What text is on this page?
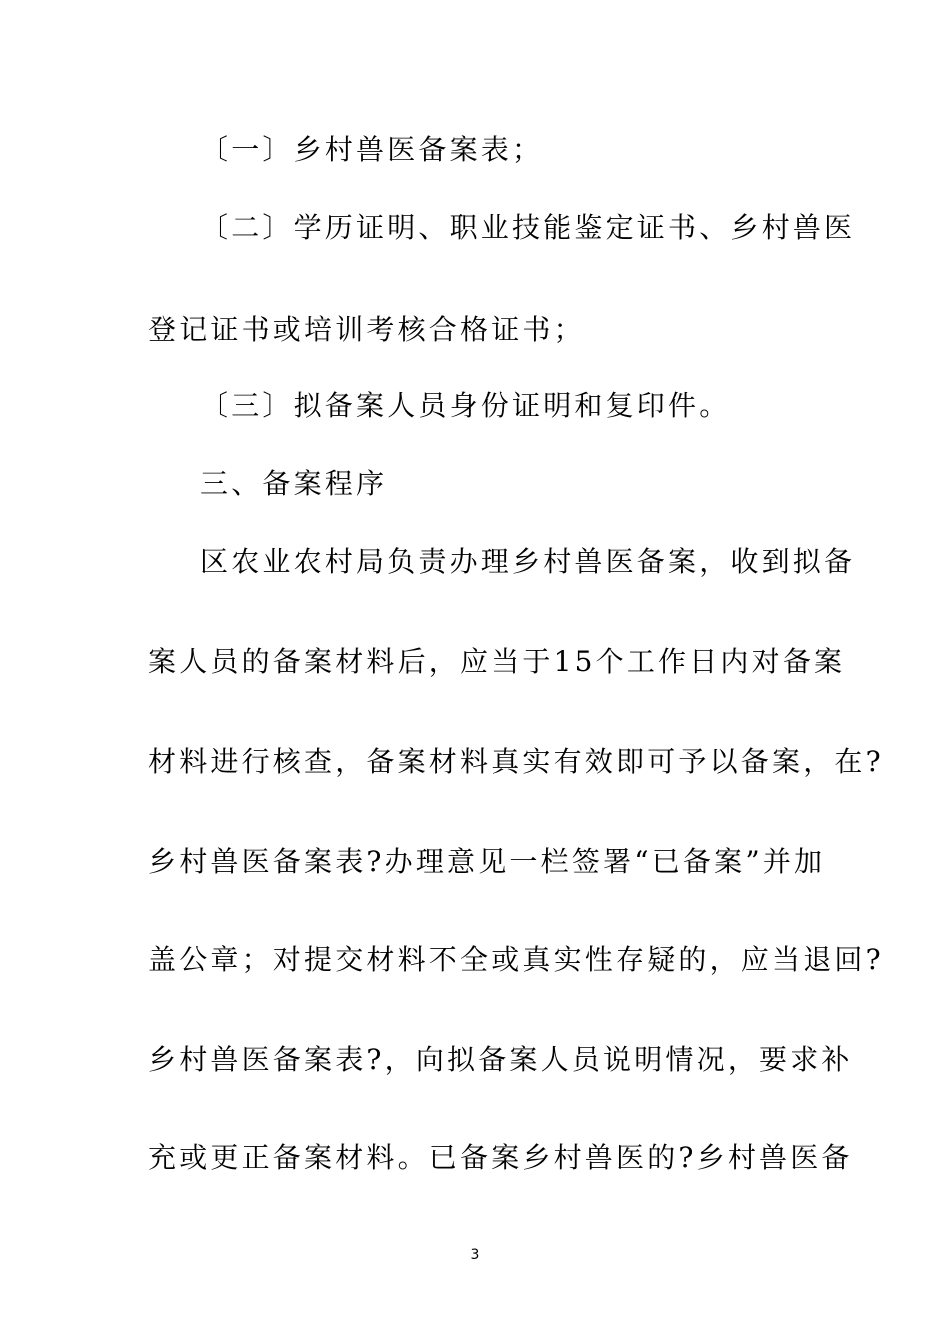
〔一〕乡村兽医备案表；
〔二〕学历证明、职业技能鉴定证书、乡村兽医
登记证书或培训考核合格证书；
〔三〕拟备案人员身份证明和复印件。
三、备案程序
区农业农村局负责办理乡村兽医备案，收到拟备
案人员的备案材料后，应当于15个工作日内对备案
材料进行核查，备案材料真实有效即可予以备案，在?
乡村兽医备案表?办理意见一栏签署“已备案”并加
盖公章；对提交材料不全或真实性存疑的，应当退回?
乡村兽医备案表?，向拟备案人员说明情况，要求补
充或更正备案材料。已备案乡村兽医的?乡村兽医备
3
